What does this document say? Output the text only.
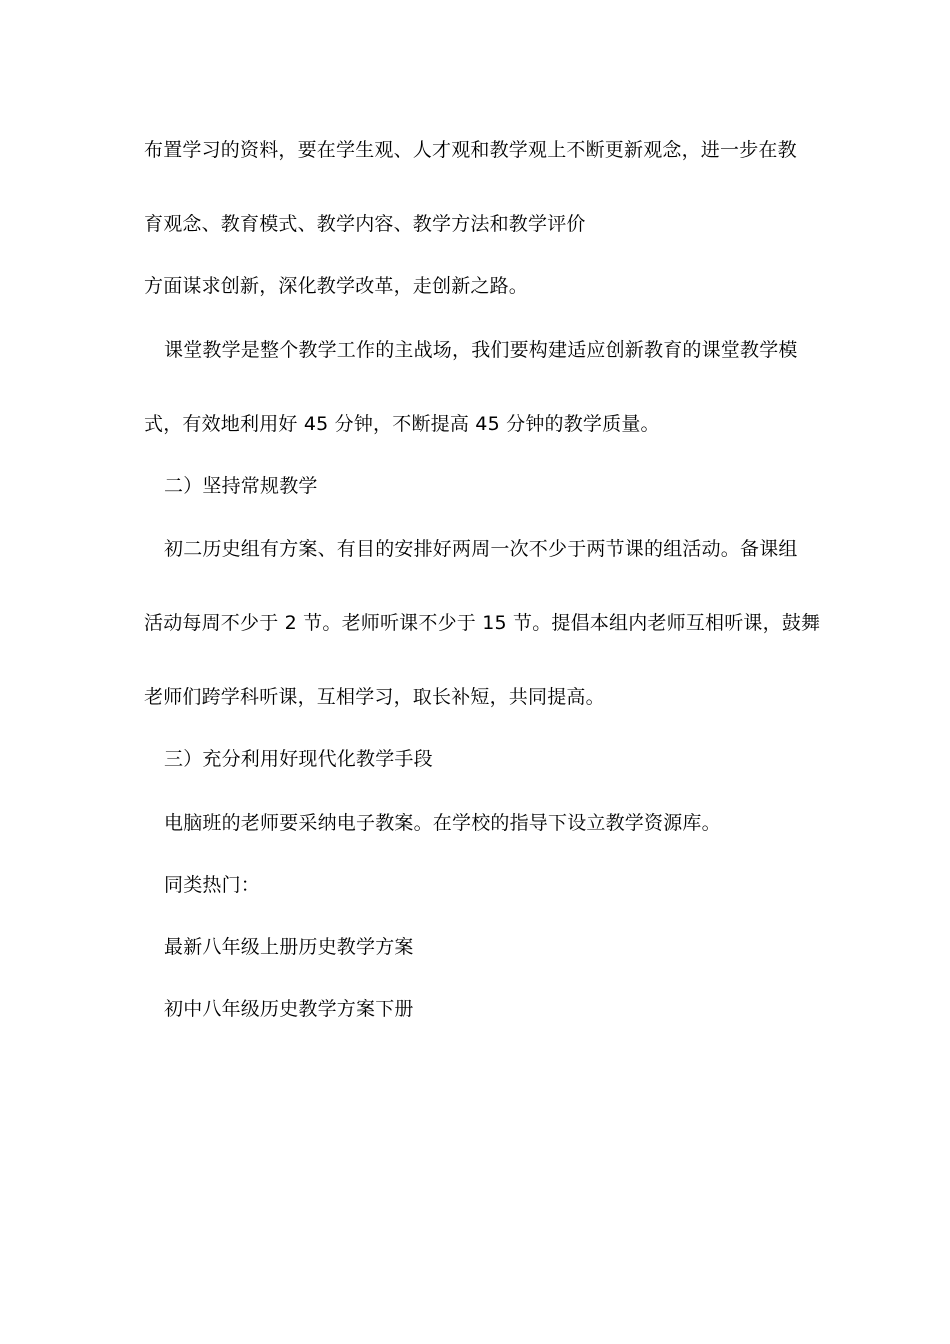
布置学习的资料，要在学生观、人才观和教学观上不断更新观念，进一步在教
育观念、教育模式、教学内容、教学方法和教学评价
方面谋求创新，深化教学改革，走创新之路。
课堂教学是整个教学工作的主战场，我们要构建适应创新教育的课堂教学模
式，有效地利用好 45 分钟，不断提高 45 分钟的教学质量。
二）坚持常规教学
初二历史组有方案、有目的安排好两周一次不少于两节课的组活动。备课组
活动每周不少于 2 节。老师听课不少于 15 节。提倡本组内老师互相听课，鼓舞
老师们跨学科听课，互相学习，取长补短，共同提高。
三）充分利用好现代化教学手段
电脑班的老师要采纳电子教案。在学校的指导下设立教学资源库。
同类热门：
最新八年级上册历史教学方案
初中八年级历史教学方案下册
